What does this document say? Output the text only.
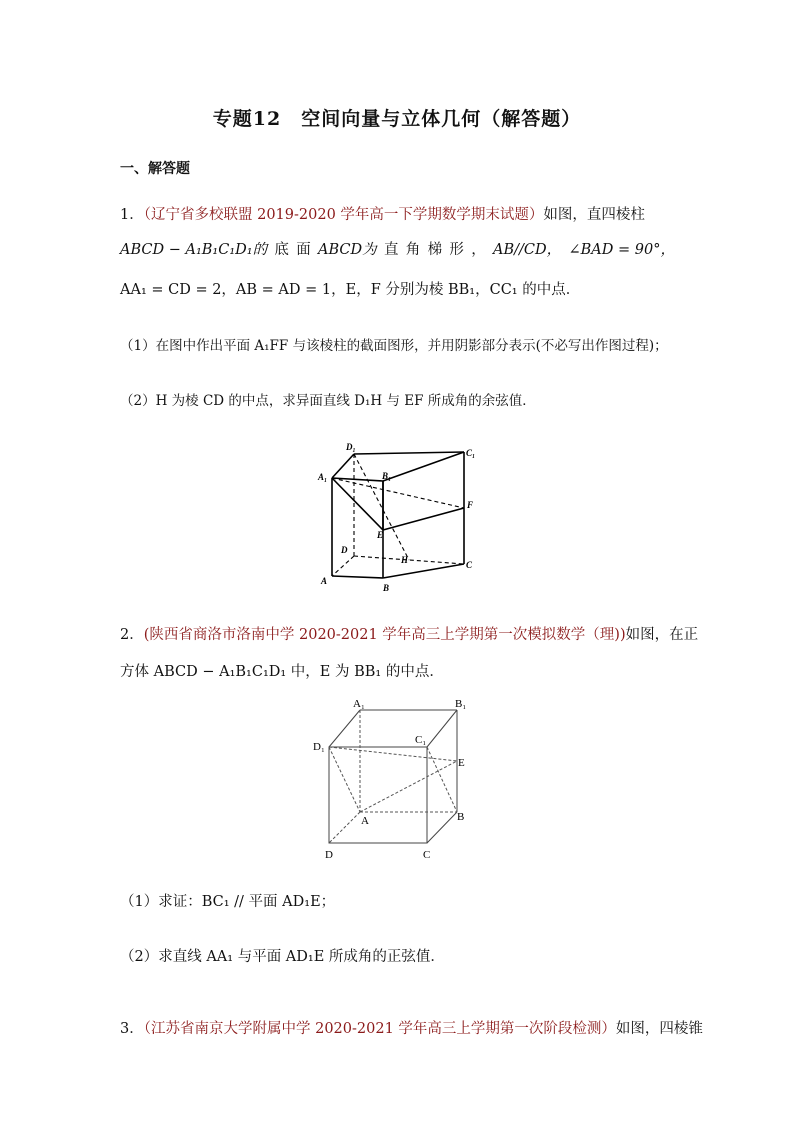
专题12　空间向量与立体几何（解答题）
一、解答题
1．（辽宁省多校联盟 2019-2020 学年高一下学期数学期末试题）如图，直四棱柱
ABCD − A₁B₁C₁D₁的 底 面 ABCD为 直 角 梯 形 ， AB//CD， ∠BAD = 90°，
AA₁ = CD = 2，AB = AD = 1，E，F 分别为棱 BB₁，CC₁ 的中点．
（1）在图中作出平面 A₁FF 与该棱柱的截面图形，并用阴影部分表示(不必写出作图过程)；
（2）H 为棱 CD 的中点，求异面直线 D₁H 与 EF 所成角的余弦值．
D₁
C₁
B₁
A₁
F
E
D
H	C
A
B
2．(陕西省商洛市洛南中学 2020-2021 学年高三上学期第一次模拟数学（理))如图，在正
方体 ABCD − A₁B₁C₁D₁ 中，E 为 BB₁ 的中点．
A₁	B₁
D₁
C₁
E
A	B
D	C
（1）求证：BC₁ // 平面 AD₁E；
（2）求直线 AA₁ 与平面 AD₁E 所成角的正弦值．
3．（江苏省南京大学附属中学 2020-2021 学年高三上学期第一次阶段检测）如图，四棱锥
